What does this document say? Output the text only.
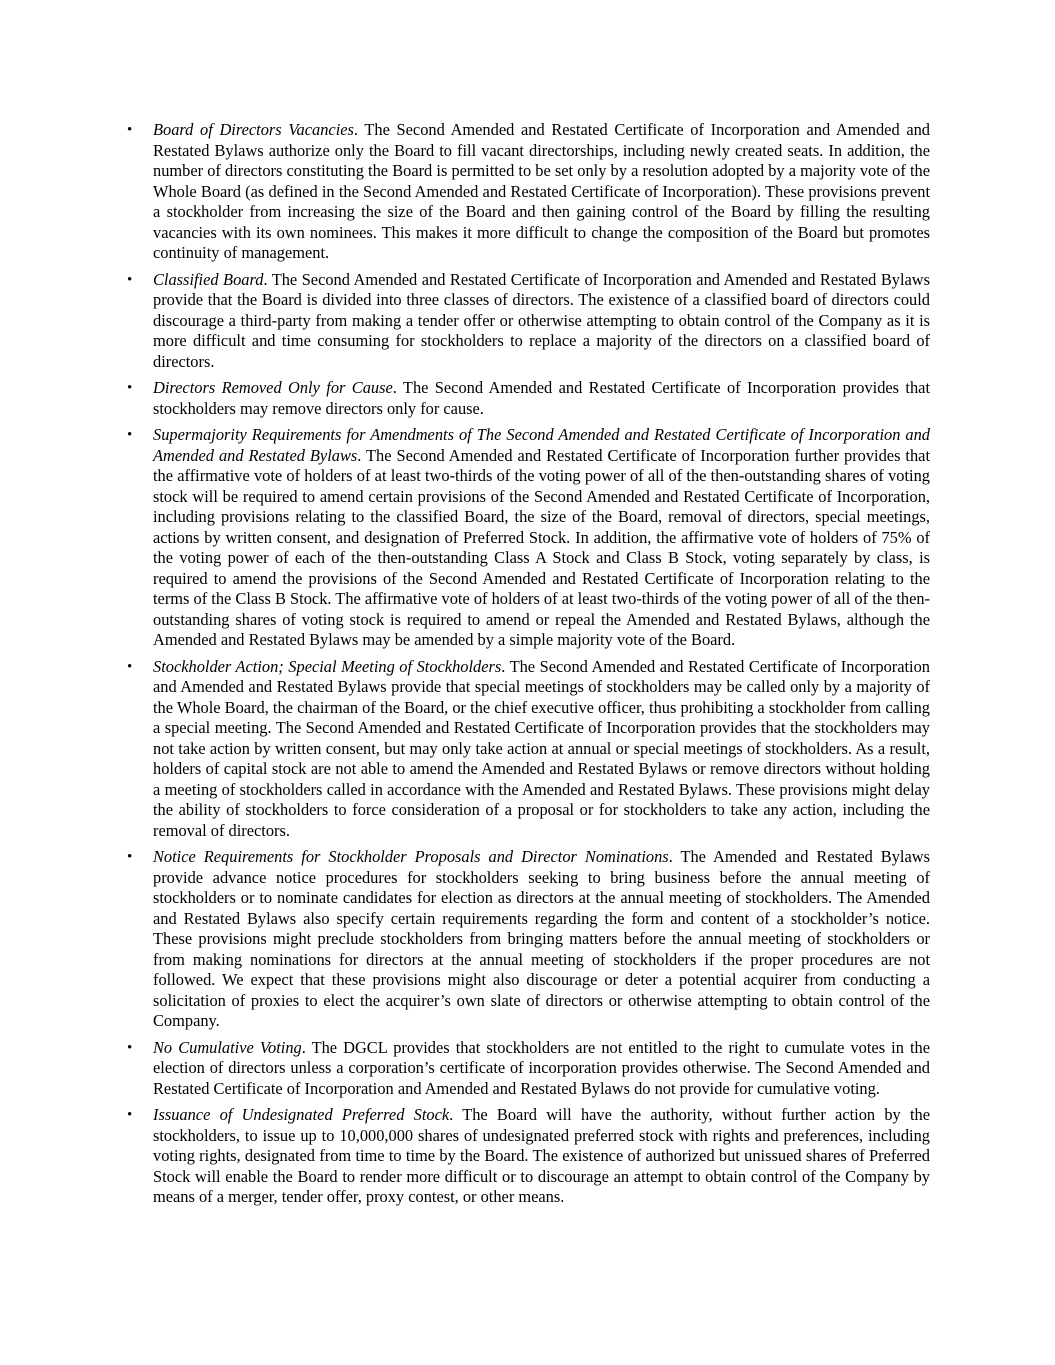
•	Board of Directors Vacancies. The Second Amended and Restated Certificate of Incorporation and Amended and Restated Bylaws authorize only the Board to fill vacant directorships, including newly created seats. In addition, the number of directors constituting the Board is permitted to be set only by a resolution adopted by a majority vote of the Whole Board (as defined in the Second Amended and Restated Certificate of Incorporation). These provisions prevent a stockholder from increasing the size of the Board and then gaining control of the Board by filling the resulting vacancies with its own nominees. This makes it more difficult to change the composition of the Board but promotes continuity of management.

•	Classified Board. The Second Amended and Restated Certificate of Incorporation and Amended and Restated Bylaws provide that the Board is divided into three classes of directors. The existence of a classified board of directors could discourage a third-party from making a tender offer or otherwise attempting to obtain control of the Company as it is more difficult and time consuming for stockholders to replace a majority of the directors on a classified board of directors.

•	Directors Removed Only for Cause. The Second Amended and Restated Certificate of Incorporation provides that stockholders may remove directors only for cause.

•	Supermajority Requirements for Amendments of The Second Amended and Restated Certificate of Incorporation and Amended and Restated Bylaws. The Second Amended and Restated Certificate of Incorporation further provides that the affirmative vote of holders of at least two-thirds of the voting power of all of the then-outstanding shares of voting stock will be required to amend certain provisions of the Second Amended and Restated Certificate of Incorporation, including provisions relating to the classified Board, the size of the Board, removal of directors, special meetings, actions by written consent, and designation of Preferred Stock. In addition, the affirmative vote of holders of 75% of the voting power of each of the then-outstanding Class A Stock and Class B Stock, voting separately by class, is required to amend the provisions of the Second Amended and Restated Certificate of Incorporation relating to the terms of the Class B Stock. The affirmative vote of holders of at least two-thirds of the voting power of all of the then-outstanding shares of voting stock is required to amend or repeal the Amended and Restated Bylaws, although the Amended and Restated Bylaws may be amended by a simple majority vote of the Board.

•	Stockholder Action; Special Meeting of Stockholders. The Second Amended and Restated Certificate of Incorporation and Amended and Restated Bylaws provide that special meetings of stockholders may be called only by a majority of the Whole Board, the chairman of the Board, or the chief executive officer, thus prohibiting a stockholder from calling a special meeting. The Second Amended and Restated Certificate of Incorporation provides that the stockholders may not take action by written consent, but may only take action at annual or special meetings of stockholders. As a result, holders of capital stock are not able to amend the Amended and Restated Bylaws or remove directors without holding a meeting of stockholders called in accordance with the Amended and Restated Bylaws. These provisions might delay the ability of stockholders to force consideration of a proposal or for stockholders to take any action, including the removal of directors.

•	Notice Requirements for Stockholder Proposals and Director Nominations. The Amended and Restated Bylaws provide advance notice procedures for stockholders seeking to bring business before the annual meeting of stockholders or to nominate candidates for election as directors at the annual meeting of stockholders. The Amended and Restated Bylaws also specify certain requirements regarding the form and content of a stockholder’s notice. These provisions might preclude stockholders from bringing matters before the annual meeting of stockholders or from making nominations for directors at the annual meeting of stockholders if the proper procedures are not followed. We expect that these provisions might also discourage or deter a potential acquirer from conducting a solicitation of proxies to elect the acquirer’s own slate of directors or otherwise attempting to obtain control of the Company.

•	No Cumulative Voting. The DGCL provides that stockholders are not entitled to the right to cumulate votes in the election of directors unless a corporation’s certificate of incorporation provides otherwise. The Second Amended and Restated Certificate of Incorporation and Amended and Restated Bylaws do not provide for cumulative voting.

•	Issuance of Undesignated Preferred Stock. The Board will have the authority, without further action by the stockholders, to issue up to 10,000,000 shares of undesignated preferred stock with rights and preferences, including voting rights, designated from time to time by the Board. The existence of authorized but unissued shares of Preferred Stock will enable the Board to render more difficult or to discourage an attempt to obtain control of the Company by means of a merger, tender offer, proxy contest, or other means.
